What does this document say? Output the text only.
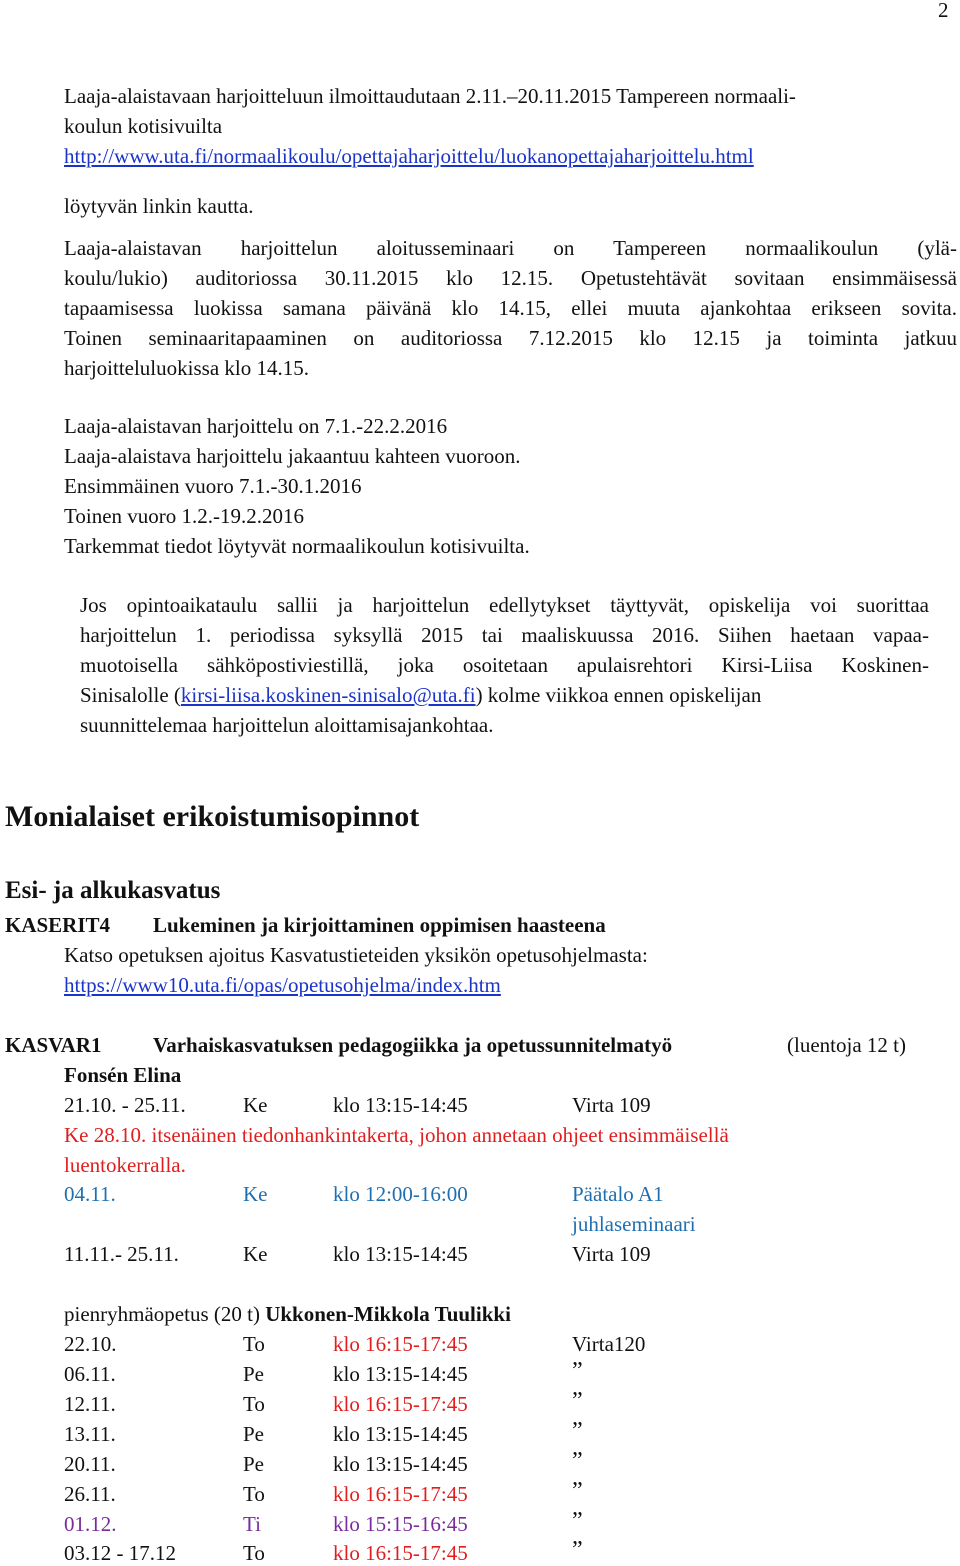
2
Laaja-alaistavaan harjoitteluun ilmoittaudutaan 2.11.–20.11.2015 Tampereen normaali-
koulun kotisivuilta
http://www.uta.fi/normaalikoulu/opettajaharjoittelu/luokanopettajaharjoittelu.html
löytyvän linkin kautta.
Laaja-alaistavan harjoittelun aloitusseminaari on Tampereen normaalikoulun (ylä-
koulu/lukio) auditoriossa 30.11.2015 klo 12.15. Opetustehtävät sovitaan ensimmäisessä
tapaamisessa luokissa samana päivänä klo 14.15, ellei muuta ajankohtaa erikseen sovita.
Toinen seminaaritapaaminen on auditoriossa 7.12.2015 klo 12.15 ja toiminta jatkuu
harjoitteluluokissa klo 14.15.
Laaja-alaistavan harjoittelu on 7.1.-22.2.2016
Laaja-alaistava harjoittelu jakaantuu kahteen vuoroon.
Ensimmäinen vuoro 7.1.-30.1.2016
Toinen vuoro 1.2.-19.2.2016
Tarkemmat tiedot löytyvät normaalikoulun kotisivuilta.
Jos opintoaikataulu sallii ja harjoittelun edellytykset täyttyvät, opiskelija voi suorittaa
harjoittelun 1. periodissa syksyllä 2015 tai maaliskuussa 2016. Siihen haetaan vapaa-
muotoisella sähköpostiviestillä, joka osoitetaan apulaisrehtori Kirsi-Liisa Koskinen-
Sinisalolle (kirsi-liisa.koskinen-sinisalo@uta.fi) kolme viikkoa ennen opiskelijan
suunnittelemaa harjoittelun aloittamisajankohtaa.
Monialaiset erikoistumisopinnot
Esi- ja alkukasvatus
KASERIT4 Lukeminen ja kirjoittaminen oppimisen haasteena
Katso opetuksen ajoitus Kasvatustieteiden yksikön opetusohjelmasta:
https://www10.uta.fi/opas/opetusohjelma/index.htm
KASVAR1 Varhaiskasvatuksen pedagogiikka ja opetussunnitelmatyö	(luentoja 12 t)
Fonsén Elina
21.10. - 25.11.	Ke	klo 13:15-14:45	Virta 109
Ke 28.10. itsenäinen tiedonhankintakerta, johon annetaan ohjeet ensimmäisellä
luentokerralla.
04.11.	Ke	klo 12:00-16:00	Päätalo A1
juhlaseminaari
11.11.- 25.11.	Ke	klo 13:15-14:45	Virta 109
pienryhmäopetus (20 t) Ukkonen-Mikkola Tuulikki
22.10.	To	klo 16:15-17:45	Virta120
06.11.	Pe	klo 13:15-14:45	”
12.11.	To	klo 16:15-17:45	”
13.11.	Pe	klo 13:15-14:45	”
20.11.	Pe	klo 13:15-14:45	”
26.11.	To	klo 16:15-17:45	”
01.12.	Ti	klo 15:15-16:45	”
03.12 - 17.12	To	klo 16:15-17:45	”
